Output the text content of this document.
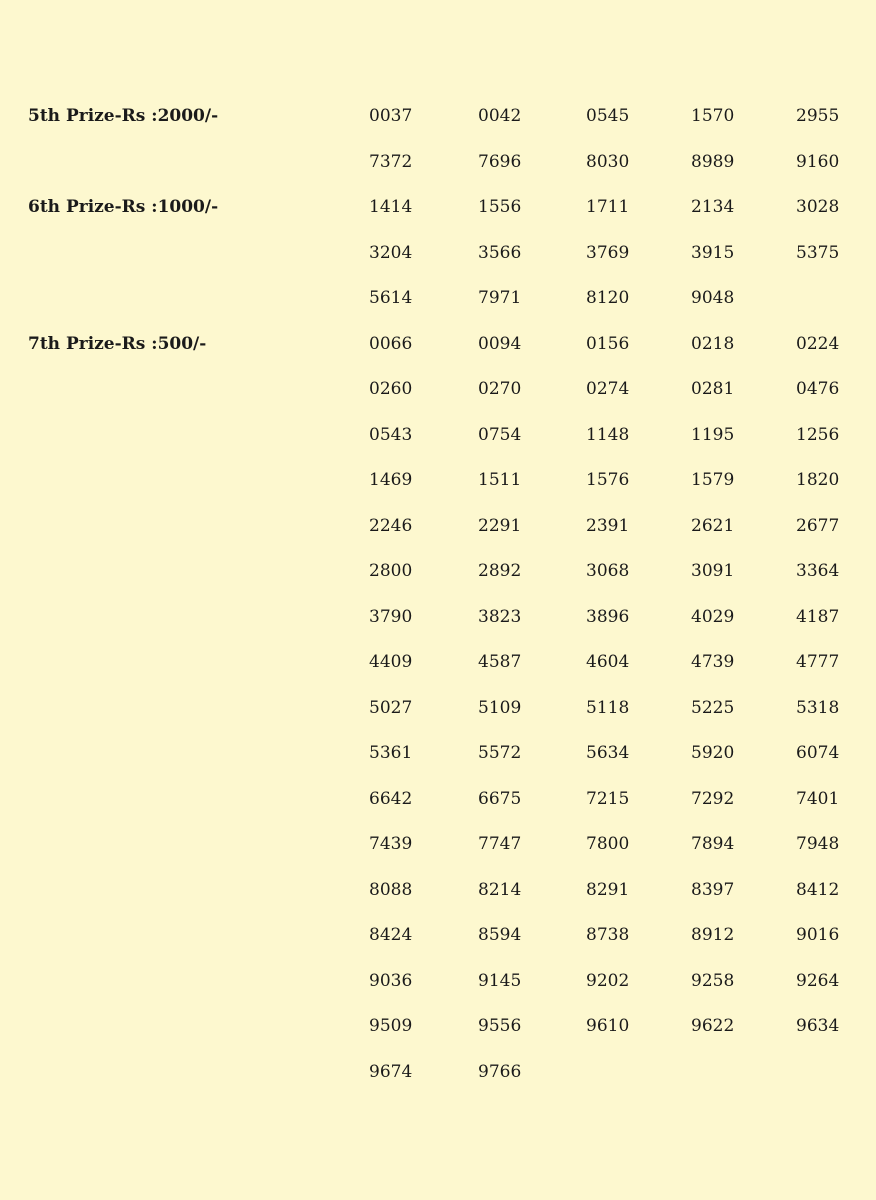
5th Prize-Rs :2000/-	0037	0042	0545	1570	2955
7372	7696	8030	8989	9160
6th Prize-Rs :1000/-	1414	1556	1711	2134	3028
3204	3566	3769	3915	5375
5614	7971	8120	9048
7th Prize-Rs :500/-	0066	0094	0156	0218	0224
0260	0270	0274	0281	0476
0543	0754	1148	1195	1256
1469	1511	1576	1579	1820
2246	2291	2391	2621	2677
2800	2892	3068	3091	3364
3790	3823	3896	4029	4187
4409	4587	4604	4739	4777
5027	5109	5118	5225	5318
5361	5572	5634	5920	6074
6642	6675	7215	7292	7401
7439	7747	7800	7894	7948
8088	8214	8291	8397	8412
8424	8594	8738	8912	9016
9036	9145	9202	9258	9264
9509	9556	9610	9622	9634
9674	9766
